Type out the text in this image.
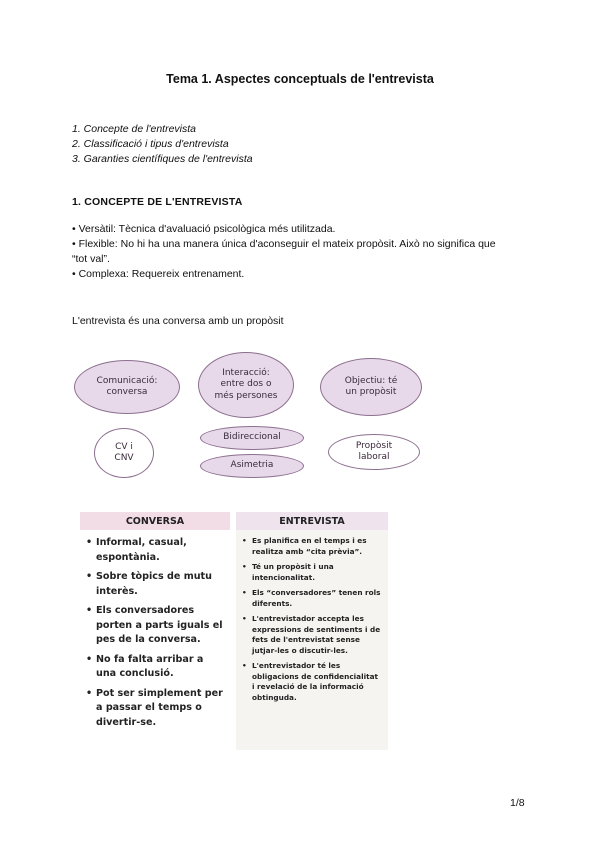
Tema 1. Aspectes conceptuals de l'entrevista
1. Concepte de l'entrevista
2. Classificació i tipus d'entrevista
3. Garanties científiques de l'entrevista
1. CONCEPTE DE L'ENTREVISTA
• Versàtil: Tècnica d'avaluació psicològica més utilitzada.
• Flexible: No hi ha una manera única d'aconseguir el mateix propòsit. Això no significa que
“tot val”.
• Complexa: Requereix entrenament.
L'entrevista és una conversa amb un propòsit
Comunicació:
conversa
Interacció:
entre dos o
més persones
Objectiu: té
un propòsit
CV i
CNV
Bidireccional
Asimetria
Propòsit
laboral
CONVERSA
• Informal, casual, espontània.
• Sobre tòpics de mutu interès.
• Els conversadores porten a parts iguals el pes de la conversa.
• No fa falta arribar a una conclusió.
• Pot ser simplement per a passar el temps o divertir-se.
ENTREVISTA
• Es planifica en el temps i es realitza amb “cita prèvia”.
• Té un propòsit i una intencionalitat.
• Els “conversadores” tenen rols diferents.
• L'entrevistador accepta les expressions de sentiments i de fets de l'entrevistat sense jutjar-les o discutir-les.
• L'entrevistador té les obligacions de confidencialitat i revelació de la informació obtinguda.
1/8
